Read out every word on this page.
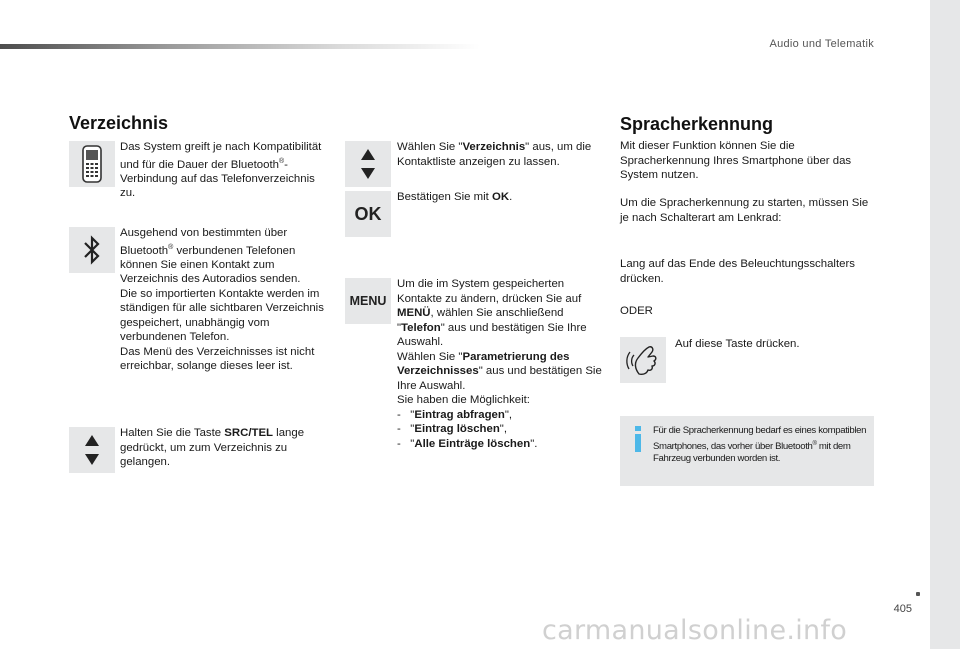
Audio und Telematik
Verzeichnis

Das System greift je nach Kompatibilität und für die Dauer der Bluetooth®-Verbindung auf das Telefonverzeichnis zu.

Ausgehend von bestimmten über Bluetooth® verbundenen Telefonen können Sie einen Kontakt zum Verzeichnis des Autoradios senden.
Die so importierten Kontakte werden im ständigen für alle sichtbaren Verzeichnis gespeichert, unabhängig vom verbundenen Telefon.
Das Menü des Verzeichnisses ist nicht erreichbar, solange dieses leer ist.

Halten Sie die Taste SRC/TEL lange gedrückt, um zum Verzeichnis zu gelangen.

Wählen Sie "Verzeichnis" aus, um die Kontaktliste anzeigen zu lassen.

OK

Bestätigen Sie mit OK.

MENU

Um die im System gespeicherten Kontakte zu ändern, drücken Sie auf MENÜ, wählen Sie anschließend "Telefon" aus und bestätigen Sie Ihre Auswahl.
Wählen Sie "Parametrierung des Verzeichnisses" aus und bestätigen Sie Ihre Auswahl.
Sie haben die Möglichkeit:
- "Eintrag abfragen",
- "Eintrag löschen",
- "Alle Einträge löschen".

Spracherkennung

Mit dieser Funktion können Sie die Spracherkennung Ihres Smartphone über das System nutzen.

Um die Spracherkennung zu starten, müssen Sie je nach Schalterart am Lenkrad:

Lang auf das Ende des Beleuchtungsschalters drücken.

ODER

Auf diese Taste drücken.

Für die Spracherkennung bedarf es eines kompatiblen Smartphones, das vorher über Bluetooth® mit dem Fahrzeug verbunden worden ist.

405
carmanualsonline.info
